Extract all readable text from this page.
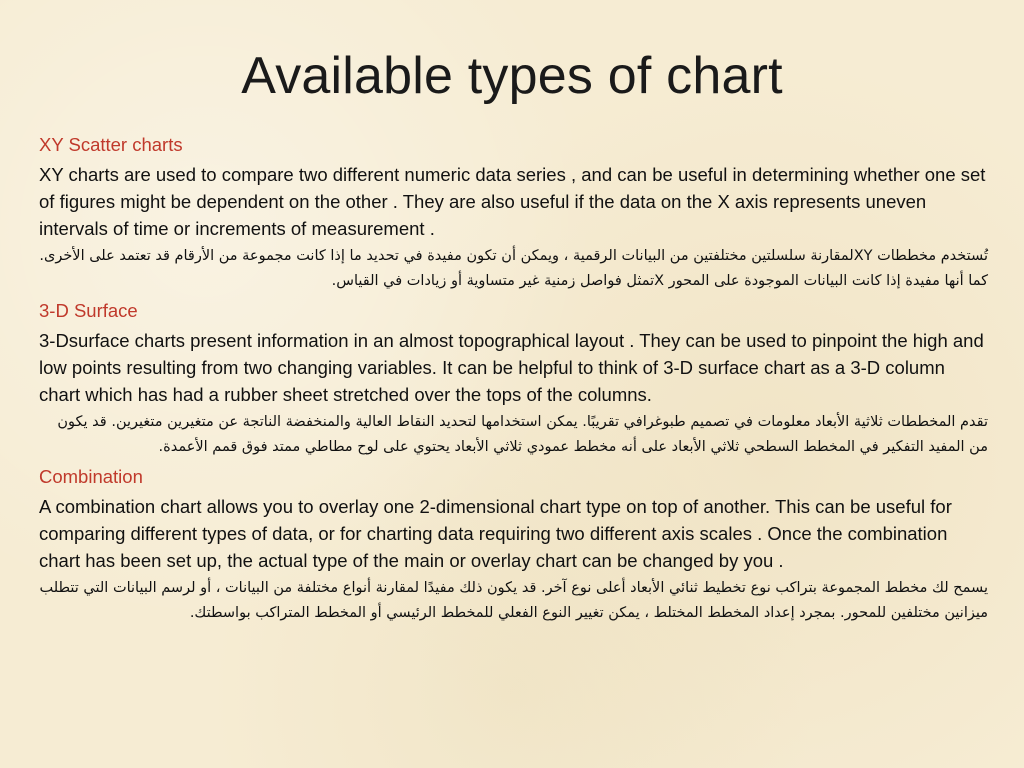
Available types of chart
XY Scatter charts

XY charts are used to compare two different numeric data series , and can be useful in determining whether one set of figures might be dependent on the other . They are also useful if the data on the X axis represents uneven intervals of time or increments of measurement .

تُستخدم مخططات XYلمقارنة سلسلتين مختلفتين من البيانات الرقمية ، ويمكن أن تكون مفيدة في تحديد ما إذا كانت مجموعة من الأرقام قد تعتمد على الأخرى. كما أنها مفيدة إذا كانت البيانات الموجودة على المحور Xتمثل فواصل زمنية غير متساوية أو زيادات في القياس.

3-D Surface

3-Dsurface charts present information in an almost topographical layout . They can be used to pinpoint the high and low points resulting from two changing variables. It can be helpful to think of 3-D surface chart as a 3-D column chart which has had a rubber sheet stretched over the tops of the columns.

تقدم المخططات ثلاثية الأبعاد معلومات في تصميم طبوغرافي تقريبًا. يمكن استخدامها لتحديد النقاط العالية والمنخفضة الناتجة عن متغيرين متغيرين. قد يكون من المفيد التفكير في المخطط السطحي ثلاثي الأبعاد على أنه مخطط عمودي ثلاثي الأبعاد يحتوي على لوح مطاطي ممتد فوق قمم الأعمدة.

Combination

A combination chart allows you to overlay one 2-dimensional chart type on top of another. This can be useful for comparing different types of data, or for charting data requiring two different axis scales . Once the combination chart has been set up, the actual type of the main or overlay chart can be changed by you .

يسمح لك مخطط المجموعة بتراكب نوع تخطيط ثنائي الأبعاد أعلى نوع آخر. قد يكون ذلك مفيدًا لمقارنة أنواع مختلفة من البيانات ، أو لرسم البيانات التي تتطلب ميزانين مختلفين للمحور. بمجرد إعداد المخطط المختلط ، يمكن تغيير النوع الفعلي للمخطط الرئيسي أو المخطط المتراكب بواسطتك.
